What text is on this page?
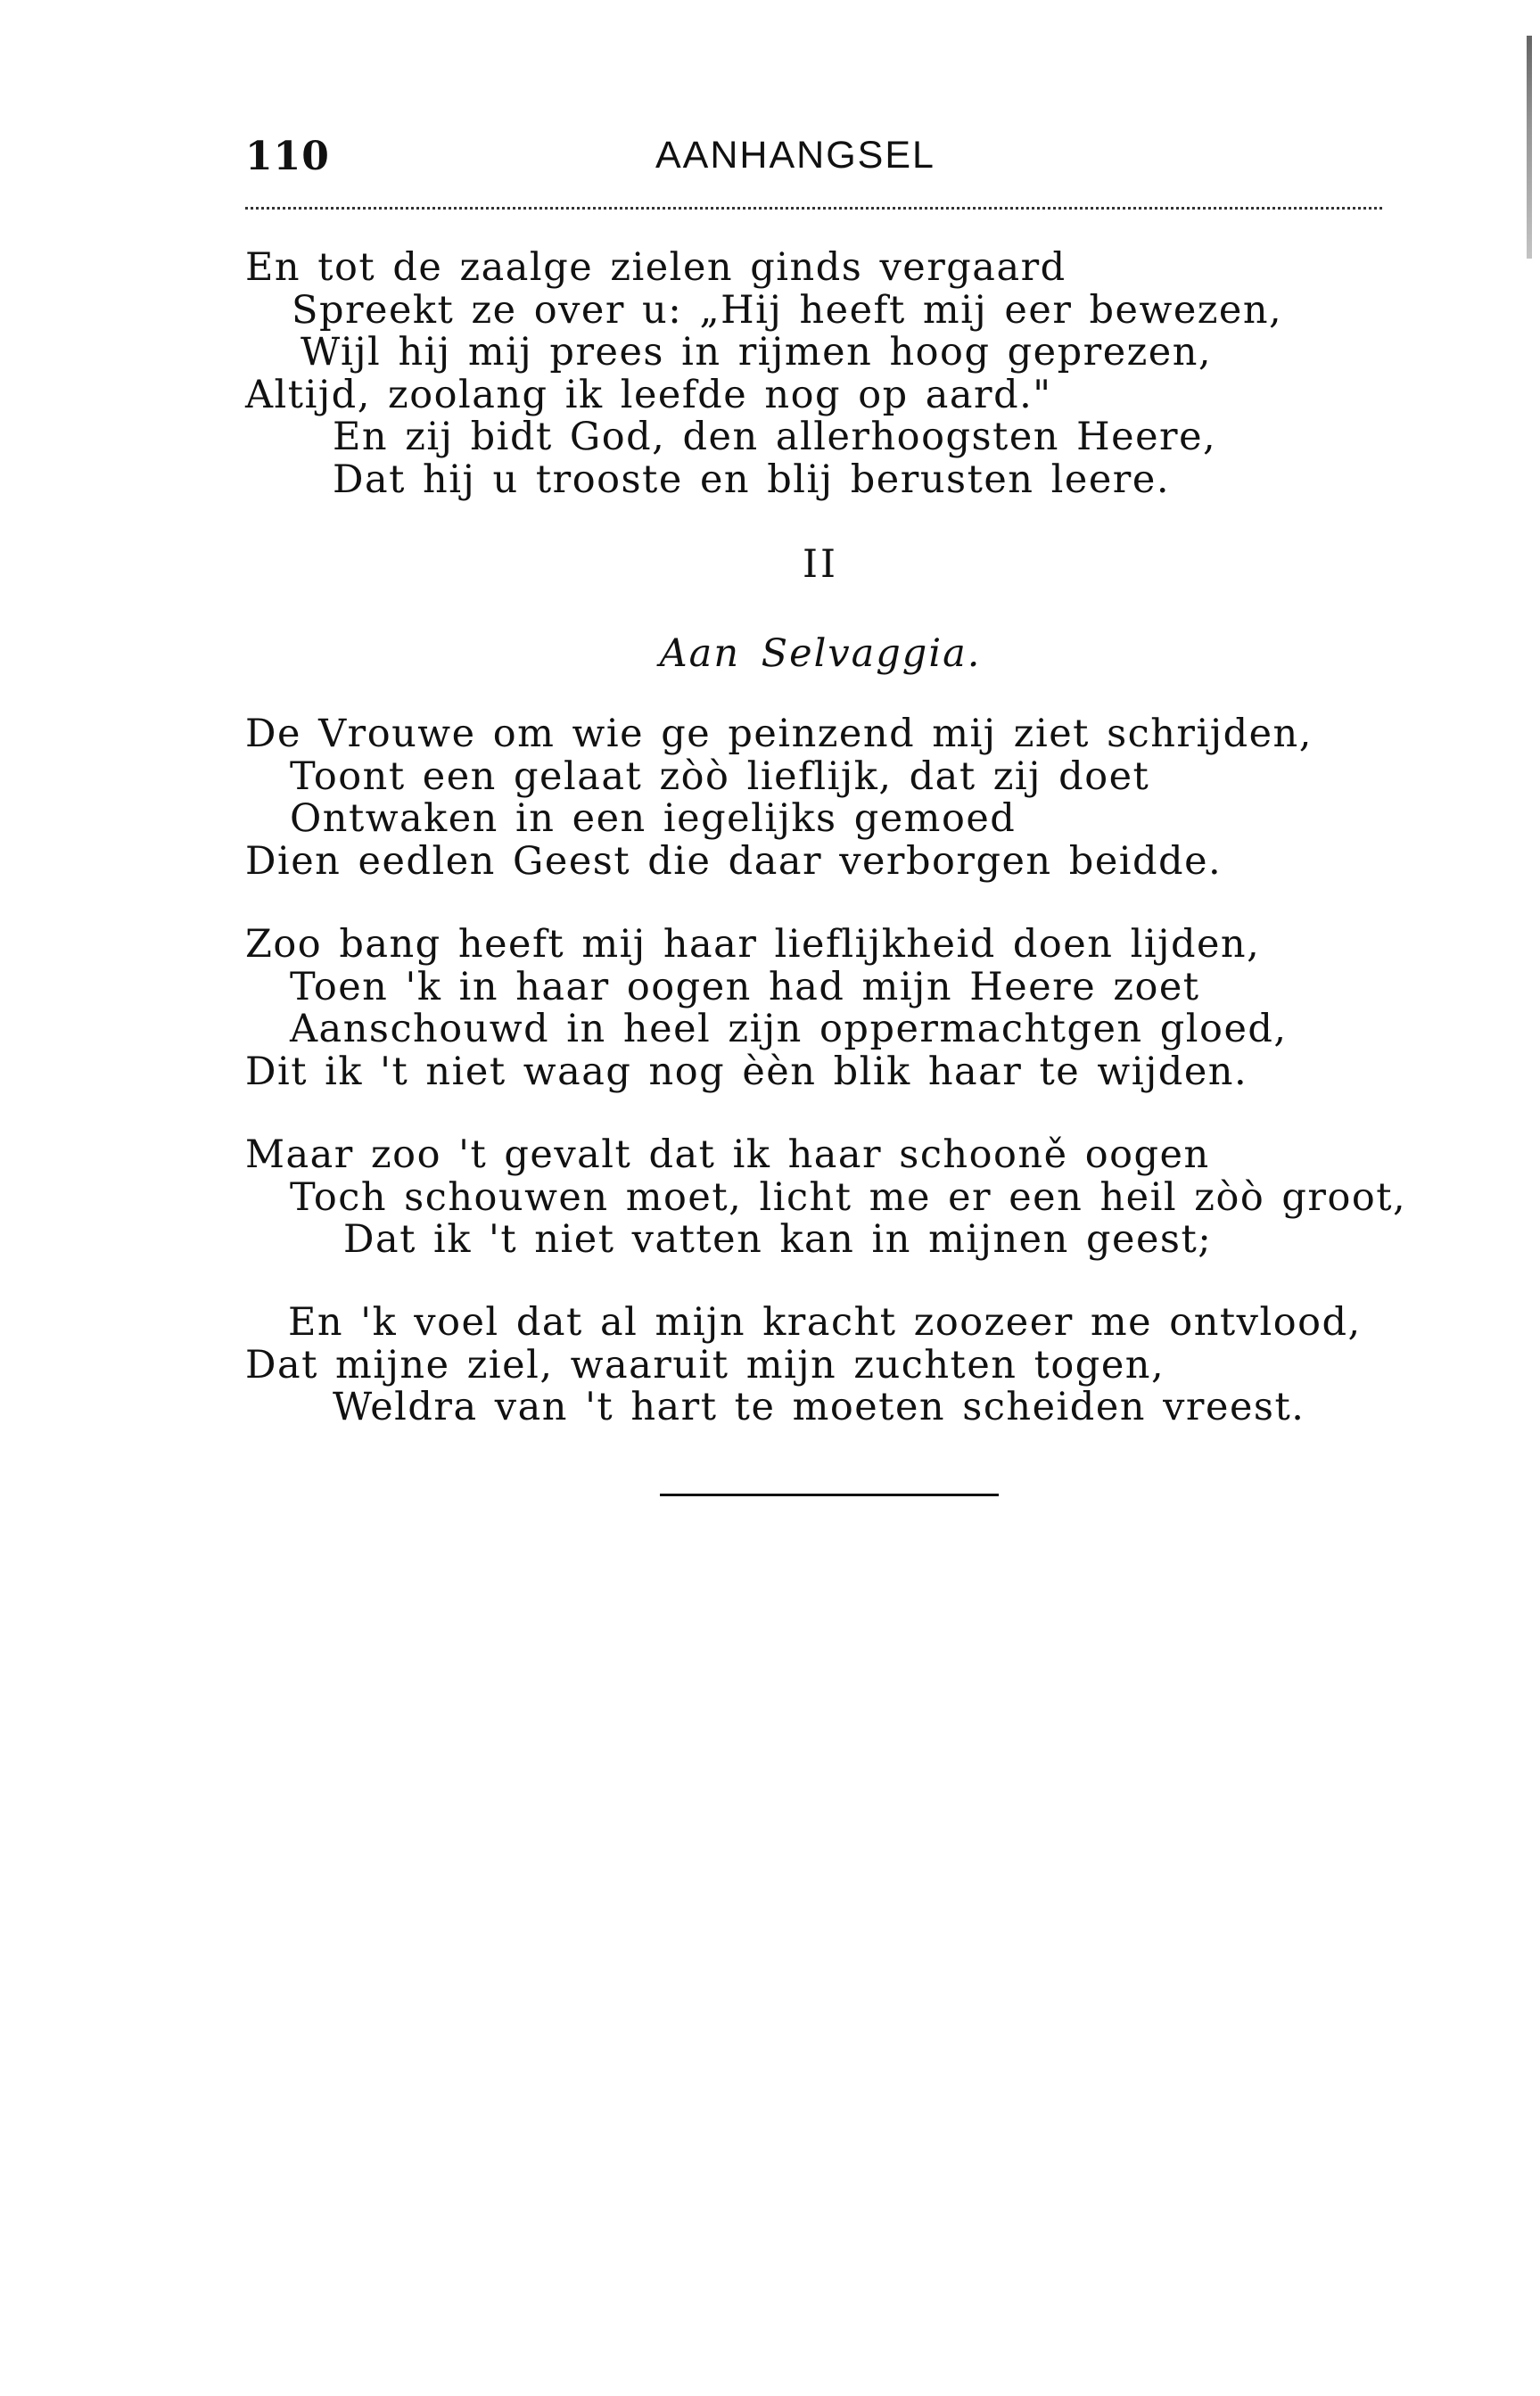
110	AANHANGSEL
En tot de zaalge zielen ginds vergaard
Spreekt ze over u: „Hij heeft mij eer bewezen,
Wijl hij mij prees in rijmen hoog geprezen,
Altijd, zoolang ik leefde nog op aard."
En zij bidt God, den allerhoogsten Heere,
Dat hij u trooste en blij berusten leere.
II
Aan Selvaggia.
De Vrouwe om wie ge peinzend mij ziet schrijden,
Toont een gelaat zòò lieflijk, dat zij doet
Ontwaken in een iegelijks gemoed
Dien eedlen Geest die daar verborgen beidde.
Zoo bang heeft mij haar lieflijkheid doen lijden,
Toen 'k in haar oogen had mijn Heere zoet
Aanschouwd in heel zijn oppermachtgen gloed,
Dit ik 't niet waag nog èèn blik haar te wijden.
Maar zoo 't gevalt dat ik haar schooně oogen
Toch schouwen moet, licht me er een heil zòò groot,
Dat ik 't niet vatten kan in mijnen geest;
En 'k voel dat al mijn kracht zoozeer me ontvlood,
Dat mijne ziel, waaruit mijn zuchten togen,
Weldra van 't hart te moeten scheiden vreest.
